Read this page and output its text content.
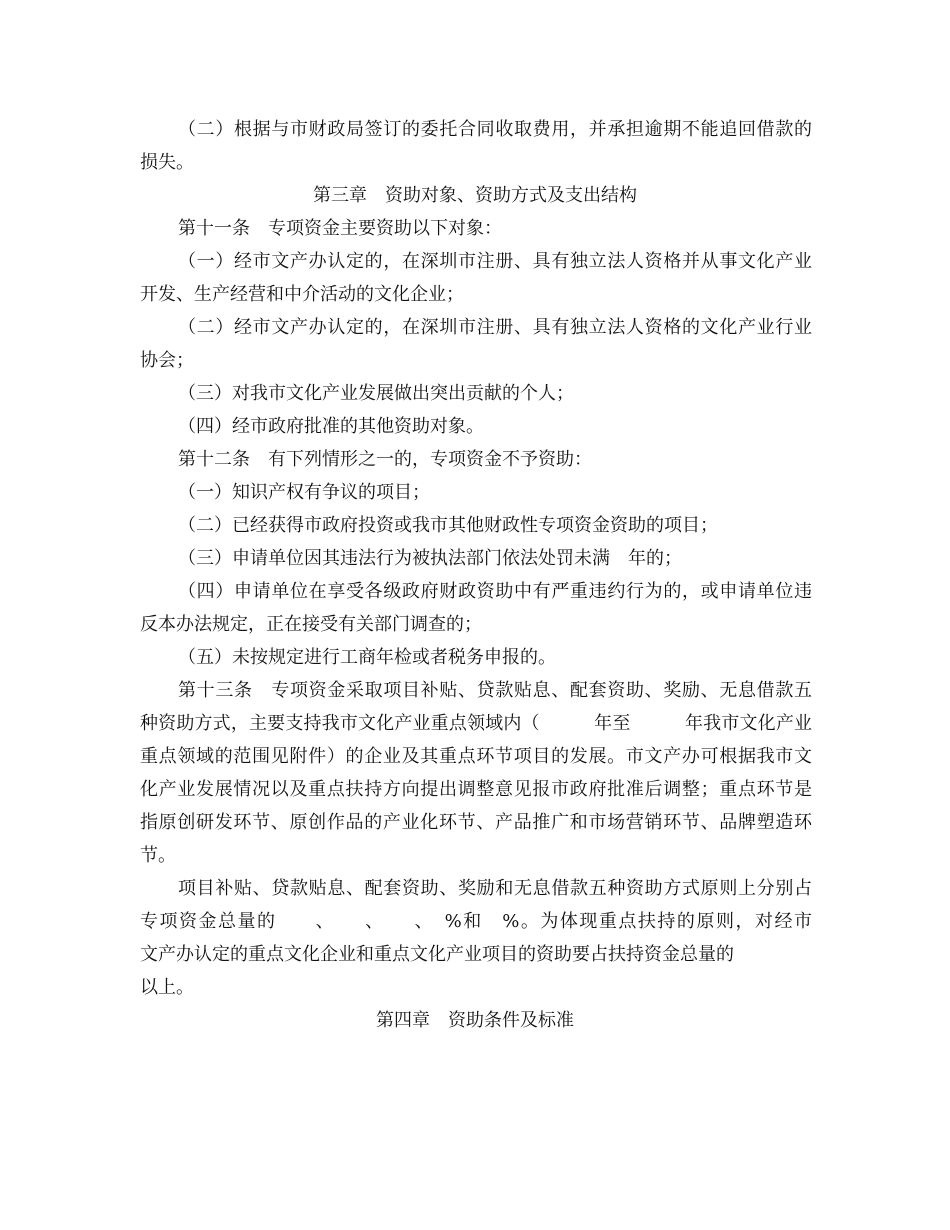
（二）根据与市财政局签订的委托合同收取费用，并承担逾期不能追回借款的
损失。
第三章　资助对象、资助方式及支出结构
第十一条　专项资金主要资助以下对象：
（一）经市文产办认定的，在深圳市注册、具有独立法人资格并从事文化产业
开发、生产经营和中介活动的文化企业；
（二）经市文产办认定的，在深圳市注册、具有独立法人资格的文化产业行业
协会；
（三）对我市文化产业发展做出突出贡献的个人；
（四）经市政府批准的其他资助对象。
第十二条　有下列情形之一的，专项资金不予资助：
（一）知识产权有争议的项目；
（二）已经获得市政府投资或我市其他财政性专项资金资助的项目；
（三）申请单位因其违法行为被执法部门依法处罚未满　年的；
（四）申请单位在享受各级政府财政资助中有严重违约行为的，或申请单位违
反本办法规定，正在接受有关部门调查的；
（五）未按规定进行工商年检或者税务申报的。
第十三条　专项资金采取项目补贴、贷款贴息、配套资助、奖励、无息借款五
种资助方式，主要支持我市文化产业重点领域内（　　　年至　　　年我市文化产业
重点领域的范围见附件）的企业及其重点环节项目的发展。市文产办可根据我市文
化产业发展情况以及重点扶持方向提出调整意见报市政府批准后调整；重点环节是
指原创研发环节、原创作品的产业化环节、产品推广和市场营销环节、品牌塑造环
节。
项目补贴、贷款贴息、配套资助、奖励和无息借款五种资助方式原则上分别占
专项资金总量的　　、　　、　　、　%和　%。为体现重点扶持的原则，对经市
文产办认定的重点文化企业和重点文化产业项目的资助要占扶持资金总量的
以上。
第四章　资助条件及标准
